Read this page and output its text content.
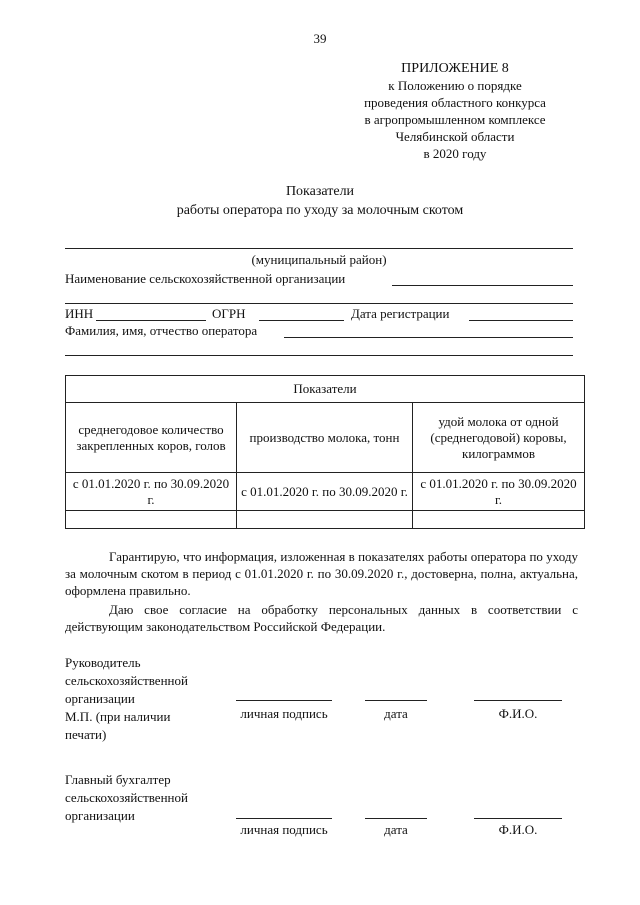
39
ПРИЛОЖЕНИЕ 8
к Положению о порядке
проведения областного конкурса
в агропромышленном комплексе
Челябинской области
в 2020 году
Показатели
работы оператора по уходу за молочным скотом
(муниципальный район)
Наименование сельскохозяйственной организации
ИНН	ОГРН	Дата регистрации
Фамилия, имя, отчество оператора
Показатели		
среднегодовое количество закрепленных коров, голов	производство молока, тонн	удой молока от одной (среднегодовой) коровы, килограммов
с 01.01.2020 г. по 30.09.2020 г.	с 01.01.2020 г. по 30.09.2020 г.	с 01.01.2020 г. по 30.09.2020 г.

Гарантирую, что информация, изложенная в показателях работы оператора по уходу за молочным скотом в период с 01.01.2020 г. по 30.09.2020 г., достоверна, полна, актуальна, оформлена правильно.
Даю свое согласие на обработку персональных данных в соответствии с действующим законодательством Российской Федерации.
Руководитель
сельскохозяйственной
организации
М.П. (при наличии
печати)
личная подпись	дата	Ф.И.О.
Главный бухгалтер
сельскохозяйственной
организации
личная подпись	дата	Ф.И.О.
